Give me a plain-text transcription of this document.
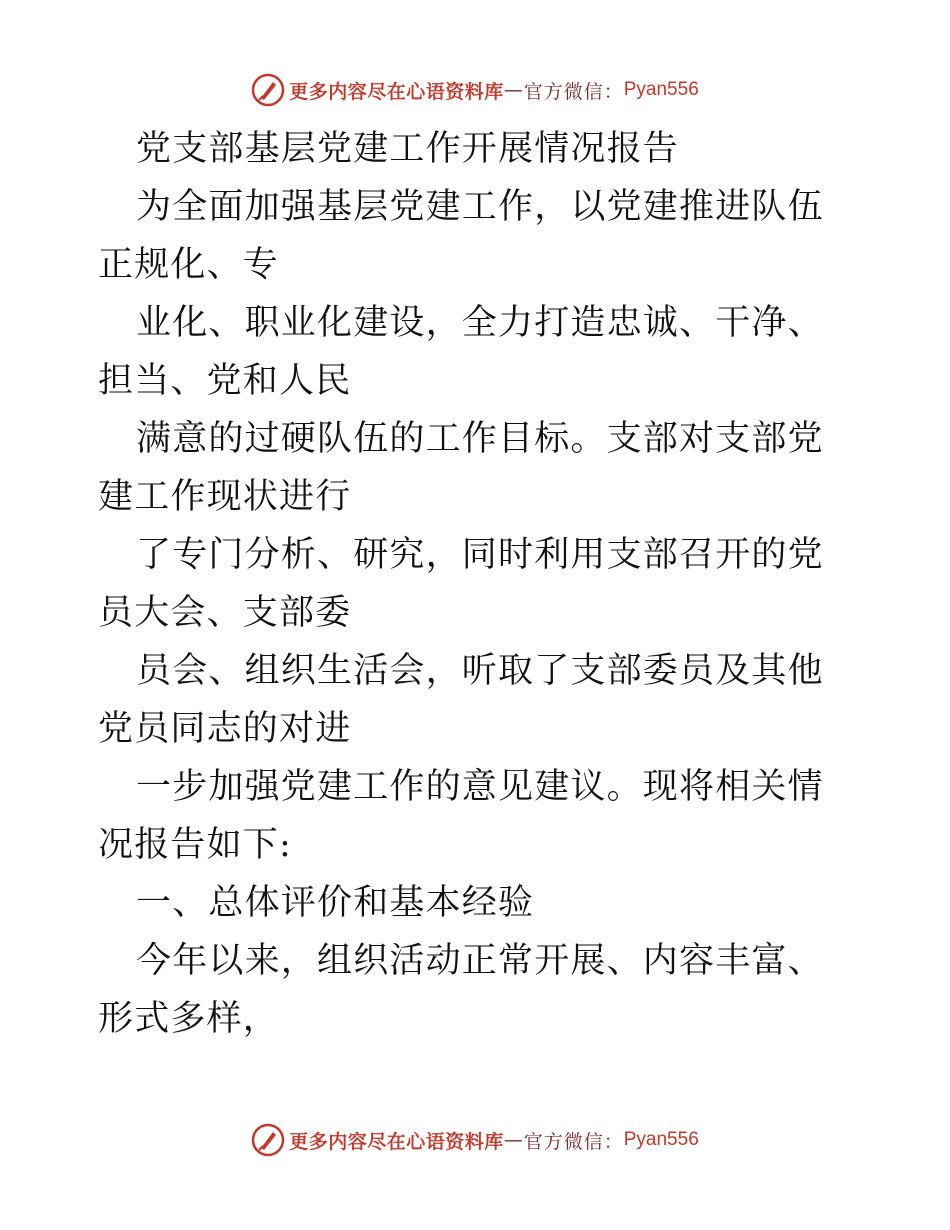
更多内容尽在心语资料库 — 官方微信： Pyan556
党支部基层党建工作开展情况报告
为全面加强基层党建工作，以党建推进队伍正规化、专
业化、职业化建设，全力打造忠诚、干净、担当、党和人民
满意的过硬队伍的工作目标。支部对支部党建工作现状进行
了专门分析、研究，同时利用支部召开的党员大会、支部委
员会、组织生活会，听取了支部委员及其他党员同志的对进
一步加强党建工作的意见建议。现将相关情况报告如下:
一、总体评价和基本经验
今年以来，组织活动正常开展、内容丰富、形式多样，
更多内容尽在心语资料库 — 官方微信： Pyan556
